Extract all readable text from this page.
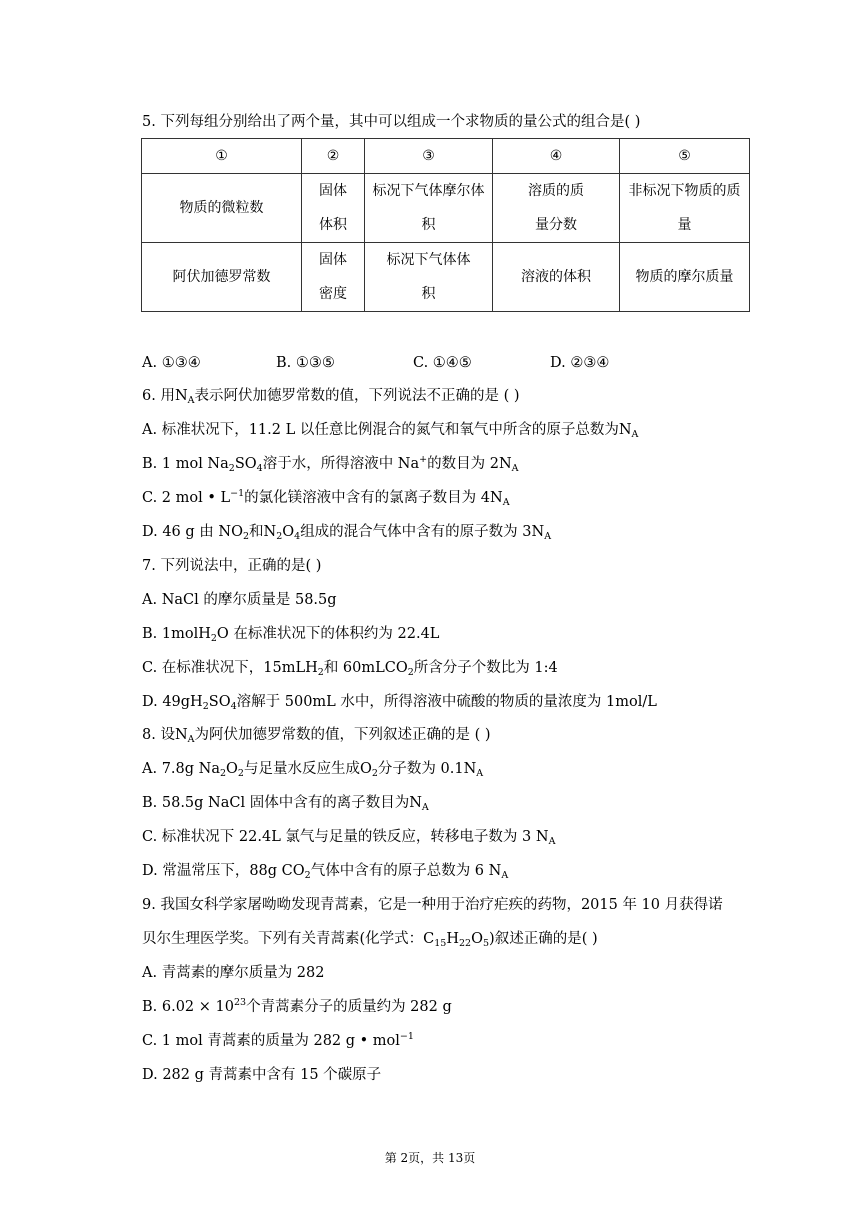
5. 下列每组分别给出了两个量，其中可以组成一个求物质的量公式的组合是( )
①	②	③	④	⑤
物质的微粒数	固体体积	标况下气体摩尔体积	溶质的质量分数	非标况下物质的质量
阿伏加德罗常数	固体密度	标况下气体体积	溶液的体积	物质的摩尔质量
A. ①③④	B. ①③⑤	C. ①④⑤	D. ②③④
6. 用$N_A$表示阿伏加德罗常数的值，下列说法不正确的是 ( )
A. 标准状况下，11.2 L 以任意比例混合的氮气和氧气中所含的原子总数为$N_A$
B. 1 mol $Na_2SO_4$溶于水，所得溶液中 Na+的数目为 $2N_A$
C. 2 mol • $L^{-1}$的氯化镁溶液中含有的氯离子数目为 $4N_A$
D. 46 g 由 $NO_2$和$N_2O_4$组成的混合气体中含有的原子数为 $3N_A$
7. 下列说法中，正确的是( )
A. NaCl 的摩尔质量是 58.5g
B. 1molH$_2$O 在标准状况下的体积约为 22.4L
C. 在标准状况下，15mLH$_2$和 60mLCO$_2$所含分子个数比为 1:4
D. $49gH_2SO_4$溶解于 500mL 水中，所得溶液中硫酸的物质的量浓度为 1mol/L
8. 设$N_A$为阿伏加德罗常数的值，下列叙述正确的是 ( )
A. 7.8g $Na_2O_2$与足量水反应生成$O_2$分子数为 $0.1N_A$
B. 58.5g NaCl 固体中含有的离子数目为$N_A$
C. 标准状况下 22.4L 氯气与足量的铁反应，转移电子数为 3 $N_A$
D. 常温常压下，88g $CO_2$气体中含有的原子总数为 6 $N_A$
9. 我国女科学家屠呦呦发现青蒿素，它是一种用于治疗疟疾的药物，2015 年 10 月获得诺
贝尔生理医学奖。下列有关青蒿素(化学式：$C_{15}H_{22}O_5$)叙述正确的是( )
A. 青蒿素的摩尔质量为 282
B. $6.02 \times 10^{23}$个青蒿素分子的质量约为 282 g
C. 1 mol 青蒿素的质量为 282 g • mol$^{-1}$
D. 282 g 青蒿素中含有 15 个碳原子
第 2页，共 13页
